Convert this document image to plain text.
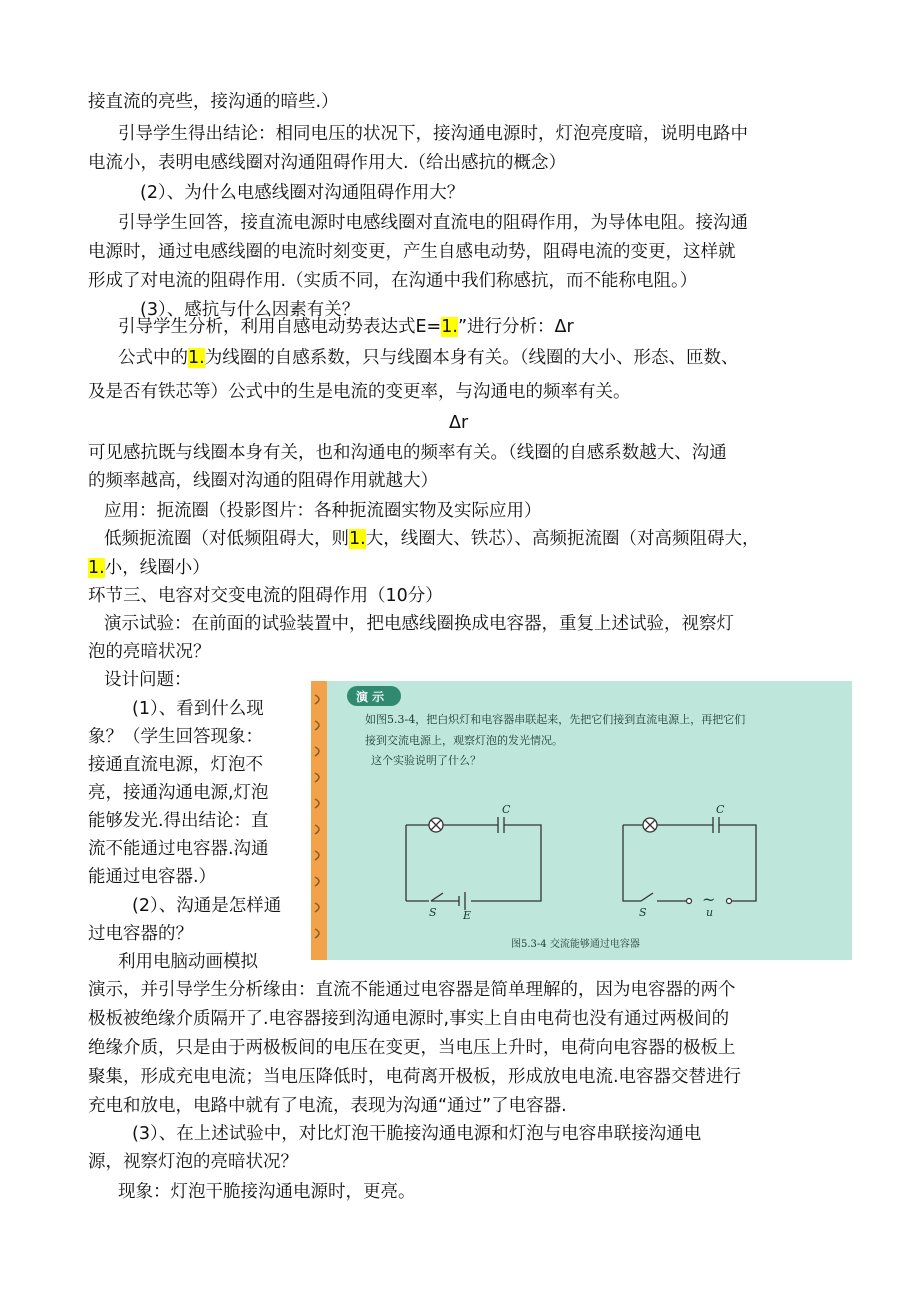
接直流的亮些，接沟通的暗些.）
引导学生得出结论：相同电压的状况下，接沟通电源时，灯泡亮度暗，说明电路中
电流小，表明电感线圈对沟通阻碍作用大.（给出感抗的概念）
(2）、为什么电感线圈对沟通阻碍作用大？
引导学生回答，接直流电源时电感线圈对直流电的阻碍作用，为导体电阻。接沟通
电源时，通过电感线圈的电流时刻变更，产生自感电动势，阻碍电流的变更，这样就
形成了对电流的阻碍作用.（实质不同，在沟通中我们称感抗，而不能称电阻。）
(3）、感抗与什么因素有关？
引导学生分析，利用自感电动势表达式E=1.”进行分析：Δr
公式中的1.为线圈的自感系数，只与线圈本身有关。（线圈的大小、形态、匝数、
及是否有铁芯等）公式中的生是电流的变更率，与沟通电的频率有关。
Δr
可见感抗既与线圈本身有关，也和沟通电的频率有关。（线圈的自感系数越大、沟通
的频率越高，线圈对沟通的阻碍作用就越大）
应用：扼流圈（投影图片：各种扼流圈实物及实际应用）
低频扼流圈（对低频阻碍大，则1.大，线圈大、铁芯）、高频扼流圈（对高频阻碍大，
1.小，线圈小）
环节三、电容对交变电流的阻碍作用（10分）
演示试验：在前面的试验装置中，把电感线圈换成电容器，重复上述试验，视察灯
泡的亮暗状况？
设计问题：
(1）、看到什么现
象？（学生回答现象：
接通直流电源，灯泡不
亮，接通沟通电源,灯泡
能够发光.得出结论：直
流不能通过电容器.沟通
能通过电容器.）
(2）、沟通是怎样通
过电容器的？
利用电脑动画模拟
演 示
如图5.3-4，把白炽灯和电容器串联起来，先把它们接到直流电源上，再把它们
接到交流电源上，观察灯泡的发光情况。
这个实验说明了什么？
C
S E
C
S
~
u
图5.3-4 交流能够通过电容器
演示，并引导学生分析缘由：直流不能通过电容器是简单理解的，因为电容器的两个
极板被绝缘介质隔开了.电容器接到沟通电源时,事实上自由电荷也没有通过两极间的
绝缘介质，只是由于两极板间的电压在变更，当电压上升时，电荷向电容器的极板上
聚集，形成充电电流；当电压降低时，电荷离开极板，形成放电电流.电容器交替进行
充电和放电，电路中就有了电流，表现为沟通“通过”了电容器.
(3）、在上述试验中，对比灯泡干脆接沟通电源和灯泡与电容串联接沟通电
源，视察灯泡的亮暗状况？
现象：灯泡干脆接沟通电源时，更亮。
